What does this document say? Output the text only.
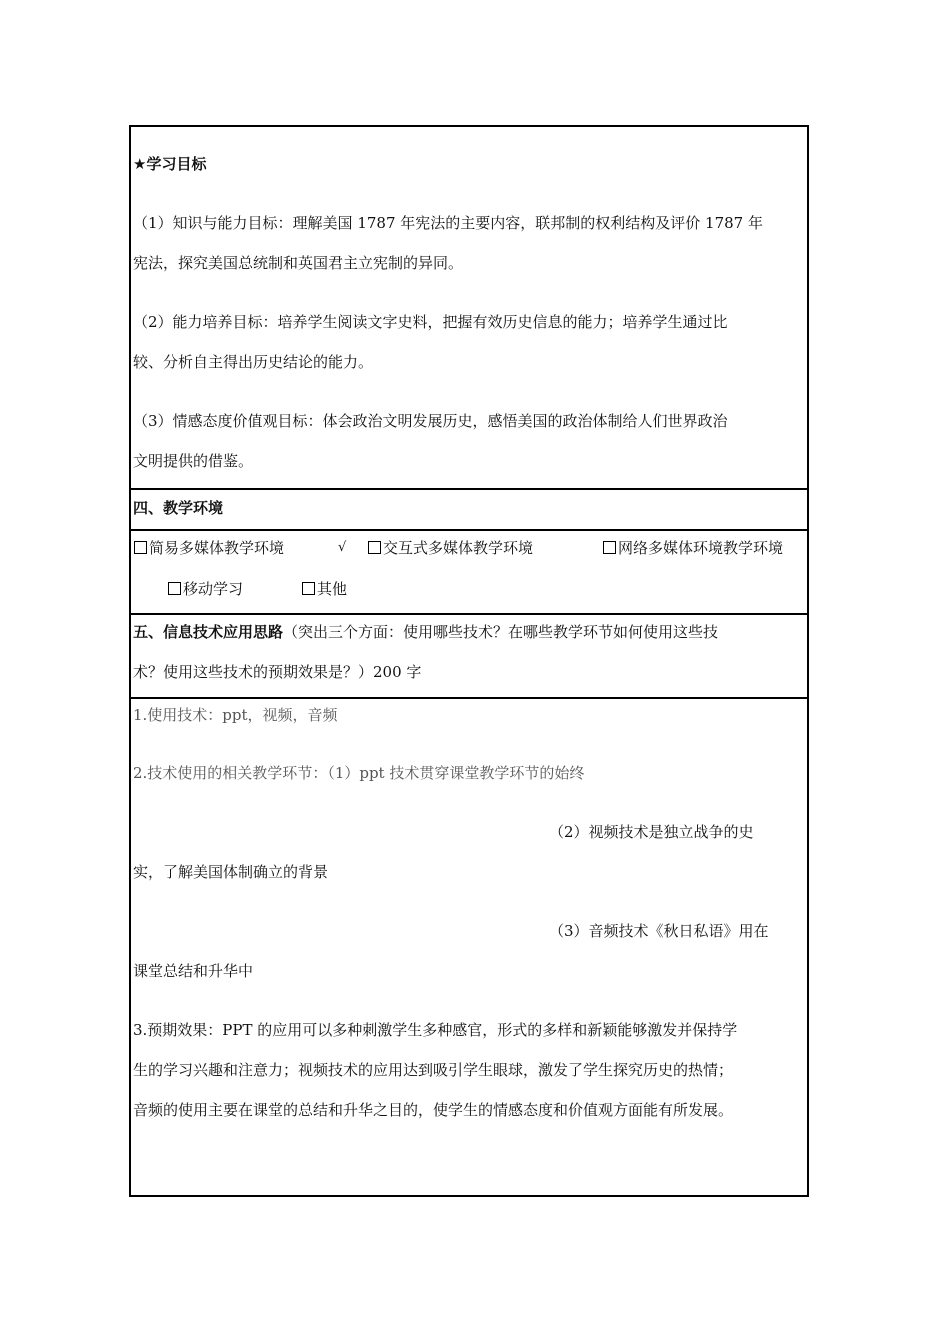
★学习目标
（1）知识与能力目标：理解美国 1787 年宪法的主要内容，联邦制的权利结构及评价 1787 年
宪法，探究美国总统制和英国君主立宪制的异同。
（2）能力培养目标：培养学生阅读文字史料，把握有效历史信息的能力；培养学生通过比
较、分析自主得出历史结论的能力。
（3）情感态度价值观目标：体会政治文明发展历史，感悟美国的政治体制给人们世界政治
文明提供的借鉴。
四、教学环境
简易多媒体教学环境	√	交互式多媒体教学环境	网络多媒体环境教学环境
移动学习	其他
五、信息技术应用思路（突出三个方面：使用哪些技术？在哪些教学环节如何使用这些技
术？使用这些技术的预期效果是？）200 字
1.使用技术：ppt，视频，音频
2.技术使用的相关教学环节：（1）ppt 技术贯穿课堂教学环节的始终
（2）视频技术是独立战争的史
实，了解美国体制确立的背景
（3）音频技术《秋日私语》用在
课堂总结和升华中
3.预期效果：PPT 的应用可以多种刺激学生多种感官，形式的多样和新颖能够激发并保持学
生的学习兴趣和注意力；视频技术的应用达到吸引学生眼球，激发了学生探究历史的热情；
音频的使用主要在课堂的总结和升华之目的，使学生的情感态度和价值观方面能有所发展。
